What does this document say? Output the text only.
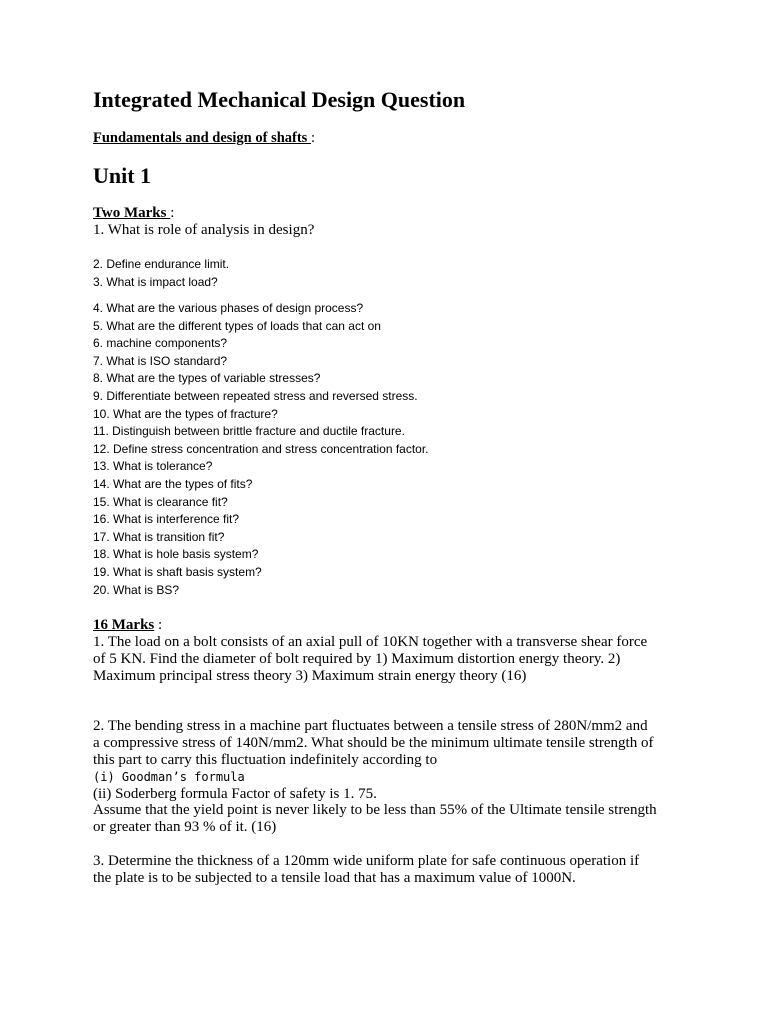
Integrated Mechanical Design Question
Fundamentals and design of shafts :
Unit 1
Two Marks :
1. What is role of analysis in design?
2. Define endurance limit.
3. What is impact load?
4. What are the various phases of design process?
5. What are the different types of loads that can act on
6. machine components?
7. What is ISO standard?
8. What are the types of variable stresses?
9. Differentiate between repeated stress and reversed stress.
10. What are the types of fracture?
11. Distinguish between brittle fracture and ductile fracture.
12. Define stress concentration and stress concentration factor.
13. What is tolerance?
14. What are the types of fits?
15. What is clearance fit?
16. What is interference fit?
17. What is transition fit?
18. What is hole basis system?
19. What is shaft basis system?
20. What is BS?
16 Marks :
1. The load on a bolt consists of an axial pull of 10KN together with a transverse shear force
of 5 KN. Find the diameter of bolt required by 1) Maximum distortion energy theory. 2)
Maximum principal stress theory 3) Maximum strain energy theory (16)
2. The bending stress in a machine part fluctuates between a tensile stress of 280N/mm2 and
a compressive stress of 140N/mm2. What should be the minimum ultimate tensile strength of
this part to carry this fluctuation indefinitely according to
(i) Goodman’s formula
(ii) Soderberg formula Factor of safety is 1. 75.
Assume that the yield point is never likely to be less than 55% of the Ultimate tensile strength
or greater than 93 % of it. (16)
3. Determine the thickness of a 120mm wide uniform plate for safe continuous operation if
the plate is to be subjected to a tensile load that has a maximum value of 1000N.
